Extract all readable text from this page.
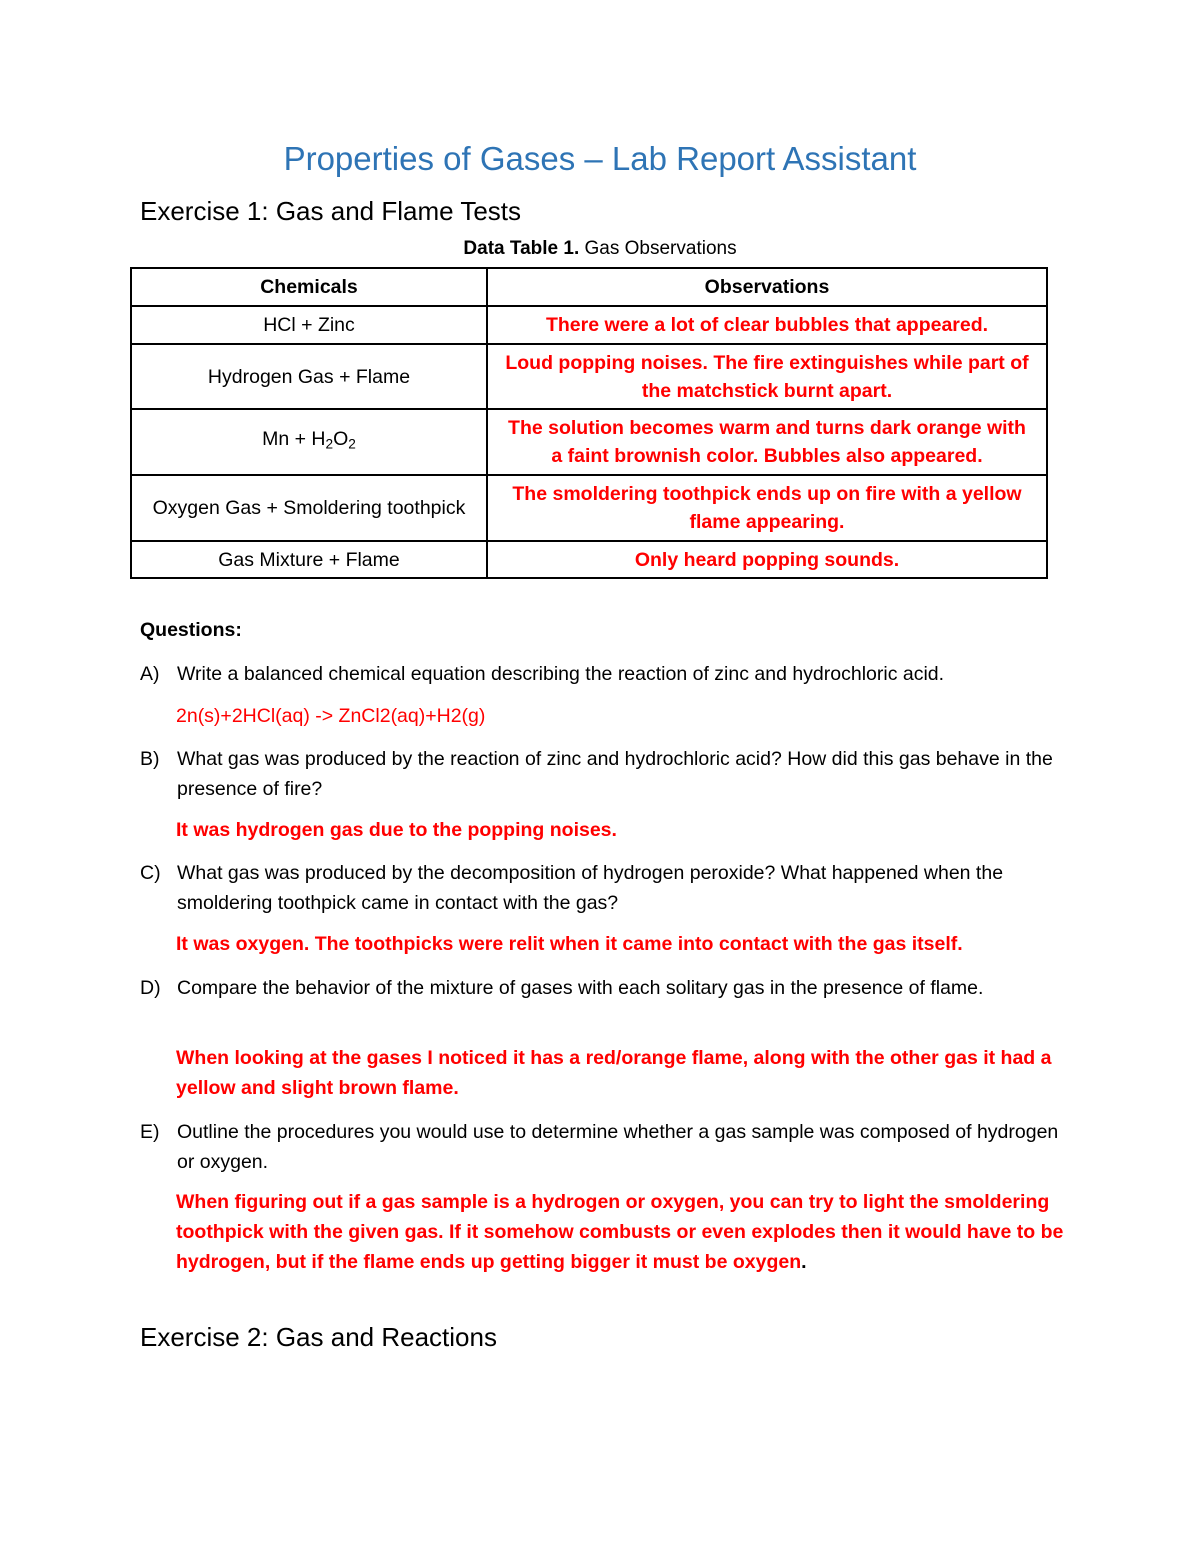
Properties of Gases – Lab Report Assistant
Exercise 1: Gas and Flame Tests
Data Table 1. Gas Observations
Chemicals	Observations
HCl + Zinc	There were a lot of clear bubbles that appeared.
Hydrogen Gas + Flame	Loud popping noises. The fire extinguishes while part of the matchstick burnt apart.
$Mn + H_2O_2$	The solution becomes warm and turns dark orange with a faint brownish color. Bubbles also appeared.
Oxygen Gas + Smoldering toothpick	The smoldering toothpick ends up on fire with a yellow flame appearing.
Gas Mixture + Flame	Only heard popping sounds.
Questions:
A) Write a balanced chemical equation describing the reaction of zinc and hydrochloric acid.
2n(s)+2HCl(aq) -> ZnCl2(aq)+H2(g)
B) What gas was produced by the reaction of zinc and hydrochloric acid? How did this gas behave in the presence of fire?
It was hydrogen gas due to the popping noises.
C) What gas was produced by the decomposition of hydrogen peroxide? What happened when the smoldering toothpick came in contact with the gas?
It was oxygen. The toothpicks were relit when it came into contact with the gas itself.
D) Compare the behavior of the mixture of gases with each solitary gas in the presence of flame.
When looking at the gases I noticed it has a red/orange flame, along with the other gas it had a yellow and slight brown flame.
E) Outline the procedures you would use to determine whether a gas sample was composed of hydrogen or oxygen.
When figuring out if a gas sample is a hydrogen or oxygen, you can try to light the smoldering toothpick with the given gas. If it somehow combusts or even explodes then it would have to be hydrogen, but if the flame ends up getting bigger it must be oxygen.
Exercise 2: Gas and Reactions
